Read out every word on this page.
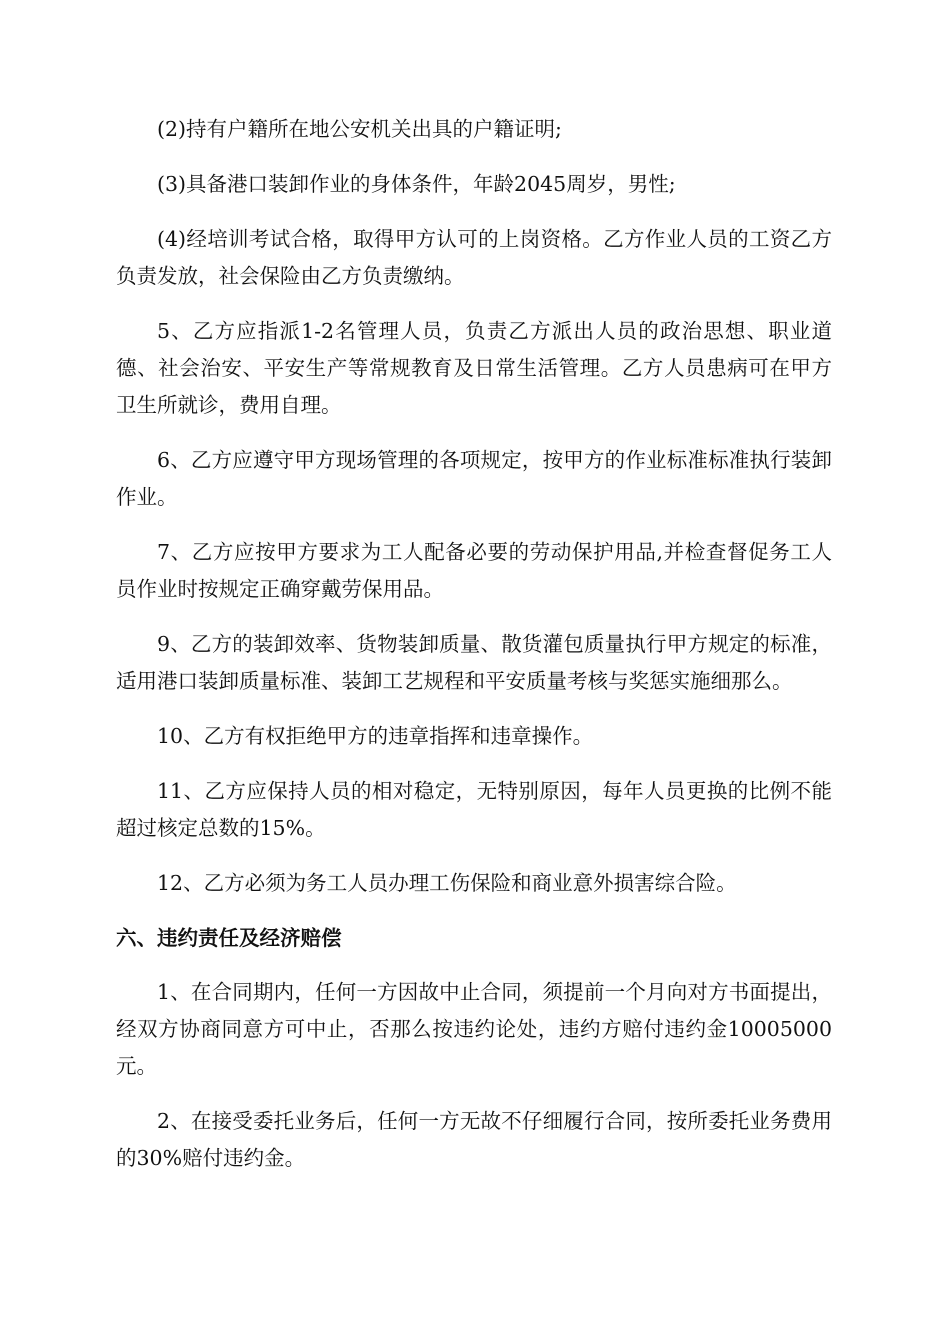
(2)持有户籍所在地公安机关出具的户籍证明;

(3)具备港口装卸作业的身体条件，年龄2045周岁，男性;

(4)经培训考试合格，取得甲方认可的上岗资格。乙方作业人员的工资乙方负责发放，社会保险由乙方负责缴纳。

5、乙方应指派1-2名管理人员，负责乙方派出人员的政治思想、职业道德、社会治安、平安生产等常规教育及日常生活管理。乙方人员患病可在甲方卫生所就诊，费用自理。

6、乙方应遵守甲方现场管理的各项规定，按甲方的作业标准标准执行装卸作业。

7、乙方应按甲方要求为工人配备必要的劳动保护用品,并检查督促务工人员作业时按规定正确穿戴劳保用品。

9、乙方的装卸效率、货物装卸质量、散货灌包质量执行甲方规定的标准，适用港口装卸质量标准、装卸工艺规程和平安质量考核与奖惩实施细那么。

10、乙方有权拒绝甲方的违章指挥和违章操作。

11、乙方应保持人员的相对稳定，无特别原因，每年人员更换的比例不能超过核定总数的15%。

12、乙方必须为务工人员办理工伤保险和商业意外损害综合险。

六、违约责任及经济赔偿

1、在合同期内，任何一方因故中止合同，须提前一个月向对方书面提出，经双方协商同意方可中止，否那么按违约论处，违约方赔付违约金10005000元。

2、在接受委托业务后，任何一方无故不仔细履行合同，按所委托业务费用的30%赔付违约金。
